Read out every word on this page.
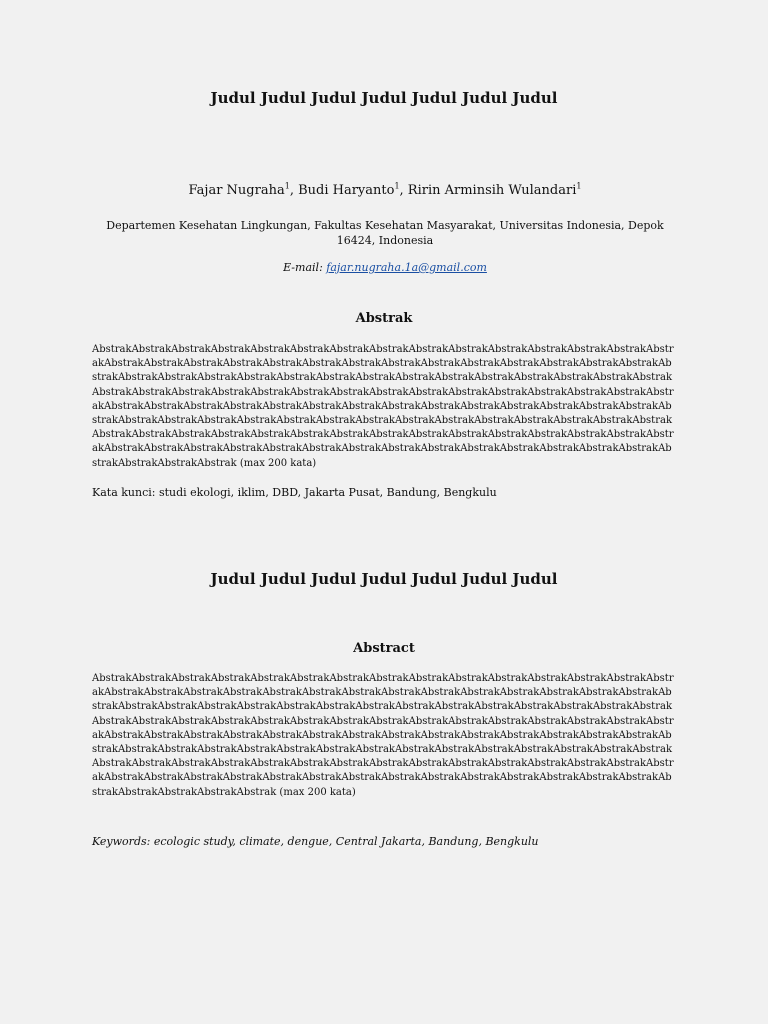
Judul Judul Judul Judul Judul Judul Judul
Fajar Nugraha$^1$, Budi Haryanto$^1$, Ririn Arminsih Wulandari$^1$
Departemen Kesehatan Lingkungan, Fakultas Kesehatan Masyarakat, Universitas Indonesia, Depok 16424, Indonesia
E-mail: fajar.nugraha.1a@gmail.com
Abstrak

AbstrakAbstrakAbstrakAbstrakAbstrakAbstrakAbstrakAbstrakAbstrakAbstrakAbstrakAbstrakAbstrakAbstrakAbstrakAbstrakAbstrakAbstrakAbstrakAbstrakAbstrakAbstrakAbstrakAbstrakAbstrakAbstrakAbstrakAbstrakAbstrakAbstrakAbstrakAbstrakAbstrakAbstrakAbstrakAbstrakAbstrakAbstrakAbstrakAbstrakAbstrakAbstrakAbstrakAbstrakAbstrakAbstrakAbstrakAbstrakAbstrakAbstrakAbstrakAbstrakAbstrakAbstrakAbstrakAbstrakAbstrakAbstrakAbstrakAbstrakAbstrakAbstrakAbstrakAbstrakAbstrakAbstrakAbstrakAbstrakAbstrakAbstrakAbstrakAbstrakAbstrakAbstrakAbstrakAbstrakAbstrakAbstrakAbstrakAbstrakAbstrakAbstrakAbstrakAbstrakAbstrakAbstrakAbstrakAbstrakAbstrakAbstrakAbstrakAbstrakAbstrakAbstrakAbstrakAbstrakAbstrakAbstrakAbstrakAbstrakAbstrakAbstrakAbstrakAbstrakAbstrakAbstrakAbstrakAbstrakAbstrakAbstrakAbstrakAbstrakAbstrakAbstrakAbstrakAbstrakAbstrakAbstrakAbstrakAbstrakAbstrak (max 200 kata)

Kata kunci: studi ekologi, iklim, DBD, Jakarta Pusat, Bandung, Bengkulu

Judul Judul Judul Judul Judul Judul Judul
Abstract

AbstrakAbstrakAbstrakAbstrakAbstrakAbstrakAbstrakAbstrakAbstrakAbstrakAbstrakAbstrakAbstrakAbstrakAbstrakAbstrakAbstrakAbstrakAbstrakAbstrakAbstrakAbstrakAbstrakAbstrakAbstrakAbstrakAbstrakAbstrakAbstrakAbstrakAbstrakAbstrakAbstrakAbstrakAbstrakAbstrakAbstrakAbstrakAbstrakAbstrakAbstrakAbstrakAbstrakAbstrakAbstrakAbstrakAbstrakAbstrakAbstrakAbstrakAbstrakAbstrakAbstrakAbstrakAbstrakAbstrakAbstrakAbstrakAbstrakAbstrakAbstrakAbstrakAbstrakAbstrakAbstrakAbstrakAbstrakAbstrakAbstrakAbstrakAbstrakAbstrakAbstrakAbstrakAbstrakAbstrakAbstrakAbstrakAbstrakAbstrakAbstrakAbstrakAbstrakAbstrakAbstrakAbstrakAbstrakAbstrakAbstrakAbstrakAbstrakAbstrakAbstrakAbstrakAbstrakAbstrakAbstrakAbstrakAbstrakAbstrakAbstrakAbstrakAbstrakAbstrakAbstrakAbstrakAbstrakAbstrakAbstrakAbstrakAbstrakAbstrakAbstrakAbstrakAbstrakAbstrakAbstrakAbstrakAbstrakAbstrakAbstrakAbstrak (max 200 kata)

Keywords: ecologic study, climate, dengue, Central Jakarta, Bandung, Bengkulu
